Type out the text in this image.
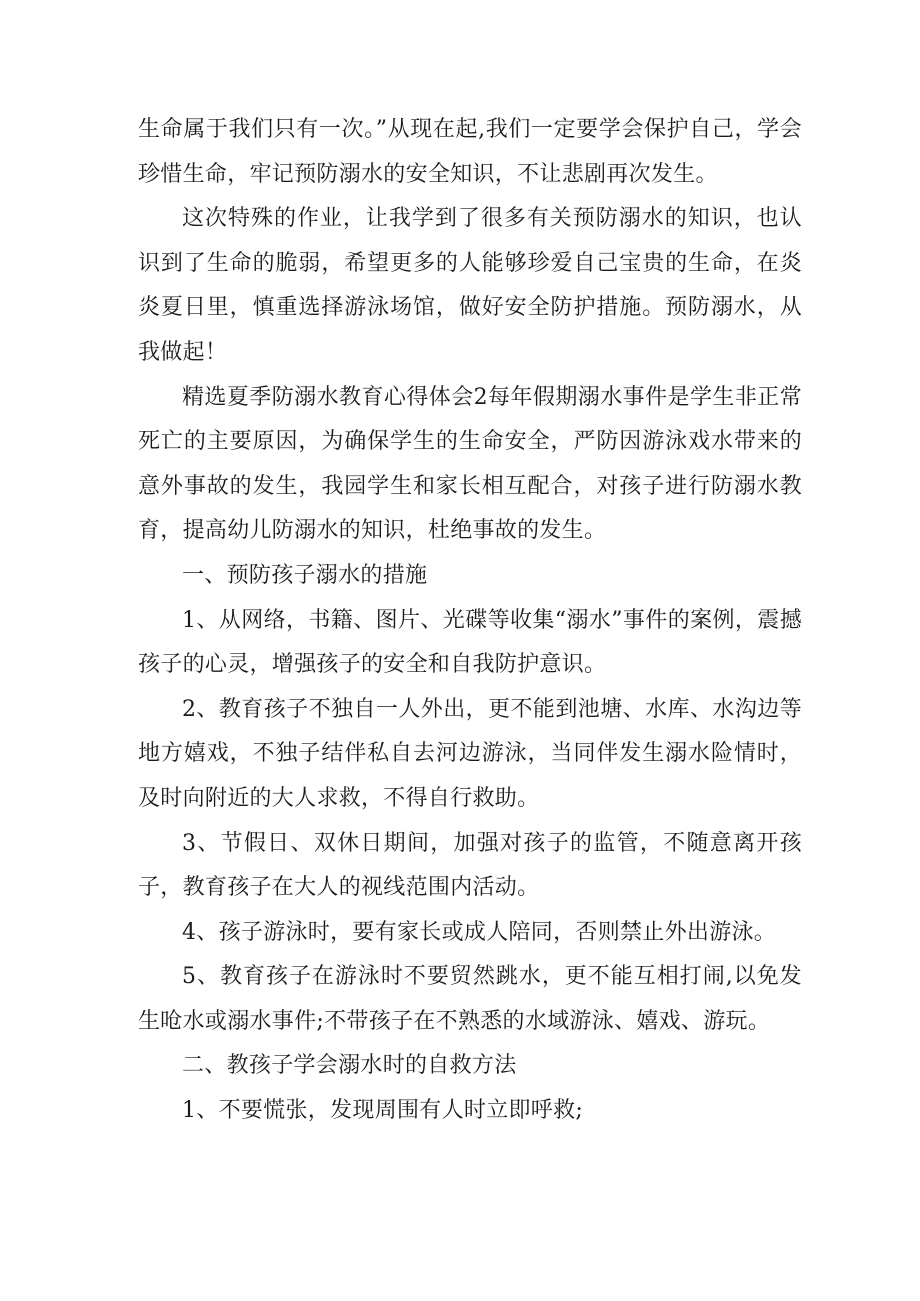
生命属于我们只有一次。”从现在起,我们一定要学会保护自己，学会珍惜生命，牢记预防溺水的安全知识，不让悲剧再次发生。

这次特殊的作业，让我学到了很多有关预防溺水的知识，也认识到了生命的脆弱，希望更多的人能够珍爱自己宝贵的生命，在炎炎夏日里，慎重选择游泳场馆，做好安全防护措施。预防溺水，从我做起！

精选夏季防溺水教育心得体会2每年假期溺水事件是学生非正常死亡的主要原因，为确保学生的生命安全，严防因游泳戏水带来的意外事故的发生，我园学生和家长相互配合，对孩子进行防溺水教育，提高幼儿防溺水的知识，杜绝事故的发生。

一、预防孩子溺水的措施

1、从网络，书籍、图片、光碟等收集“溺水”事件的案例，震撼孩子的心灵，增强孩子的安全和自我防护意识。

2、教育孩子不独自一人外出，更不能到池塘、水库、水沟边等地方嬉戏，不独子结伴私自去河边游泳，当同伴发生溺水险情时，及时向附近的大人求救，不得自行救助。

3、节假日、双休日期间，加强对孩子的监管，不随意离开孩子，教育孩子在大人的视线范围内活动。

4、孩子游泳时，要有家长或成人陪同，否则禁止外出游泳。

5、教育孩子在游泳时不要贸然跳水，更不能互相打闹,以免发生呛水或溺水事件;不带孩子在不熟悉的水域游泳、嬉戏、游玩。

二、教孩子学会溺水时的自救方法

1、不要慌张，发现周围有人时立即呼救;
